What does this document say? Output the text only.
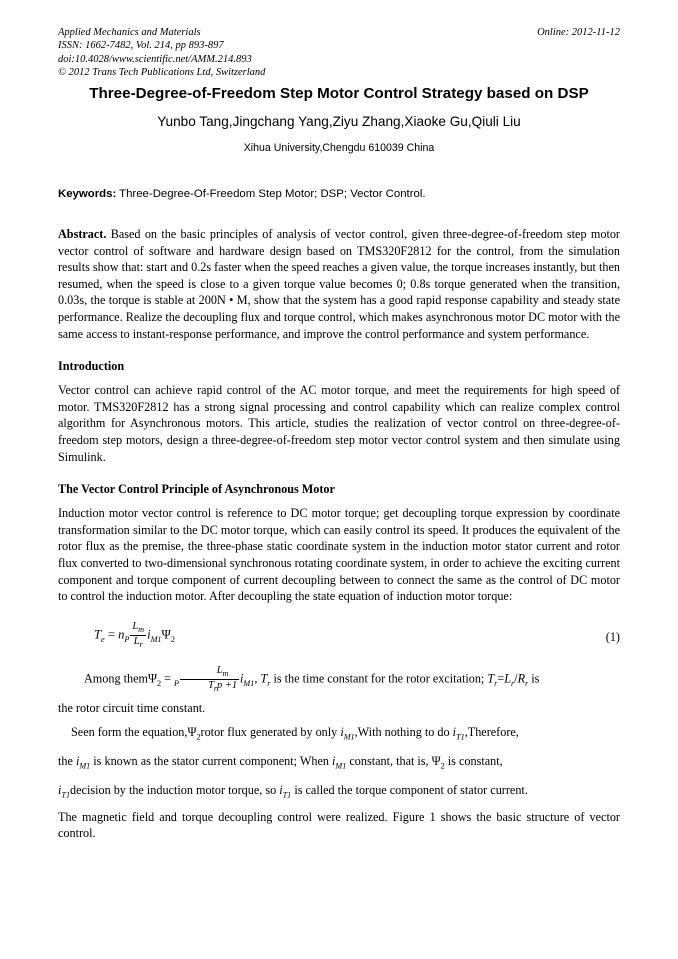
Applied Mechanics and Materials
ISSN: 1662-7482, Vol. 214, pp 893-897
doi:10.4028/www.scientific.net/AMM.214.893
© 2012 Trans Tech Publications Ltd, Switzerland
Online: 2012-11-12
Three-Degree-of-Freedom Step Motor Control Strategy based on DSP
Yunbo Tang,Jingchang Yang,Ziyu Zhang,Xiaoke Gu,Qiuli Liu
Xihua University,Chengdu 610039 China
Keywords: Three-Degree-Of-Freedom Step Motor; DSP; Vector Control.

Abstract. Based on the basic principles of analysis of vector control, given three-degree-of-freedom step motor vector control of software and hardware design based on TMS320F2812 for the control, from the simulation results show that: start and 0.2s faster when the speed reaches a given value, the torque increases instantly, but then resumed, when the speed is close to a given torque value becomes 0; 0.8s torque generated when the transition, 0.03s, the torque is stable at 200N • M, show that the system has a good rapid response capability and steady state performance. Realize the decoupling flux and torque control, which makes asynchronous motor DC motor with the same access to instant-response performance, and improve the control performance and system performance.

Introduction

Vector control can achieve rapid control of the AC motor torque, and meet the requirements for high speed of motor. TMS320F2812 has a strong signal processing and control capability which can realize complex control algorithm for Asynchronous motors. This article, studies the realization of vector control on three-degree-of-freedom step motors, design a three-degree-of-freedom step motor vector control system and then simulate using Simulink.

The Vector Control Principle of Asynchronous Motor

Induction motor vector control is reference to DC motor torque; get decoupling torque expression by coordinate transformation similar to the DC motor torque, which can easily control its speed. It produces the equivalent of the rotor flux as the premise, the three-phase static coordinate system in the induction motor stator current and rotor flux converted to two-dimensional synchronous rotating coordinate system, in order to achieve the exciting current component and torque component of current decoupling between to connect the same as the control of DC motor to control the induction motor. After decoupling the state equation of induction motor torque:

$T_e = n_P \frac{L_m}{L_r} i_{M1}\Psi_2$	(1)
Among themΨ$_2$ = $_P \frac{L_m}{T_rp +1} i_{M1}$, $T_r$ is the time constant for the rotor excitation; $T_r=L_r/R_r$ is
the rotor circuit time constant.
Seen form the $equation,\Psi_2rotor$ flux generated by only $i_{M1},With$ nothing to do $i_{T1},Therefore$,
the $i_{M1}$ is known as the stator current component; When $i_{M1}$ constant, that is, $\Psi_2$ is constant,
$i_{T1}decision$ by the induction motor torque, so $i_{T1}$ is called the torque component of stator current.

The magnetic field and torque decoupling control were realized. Figure 1 shows the basic structure of vector control.
